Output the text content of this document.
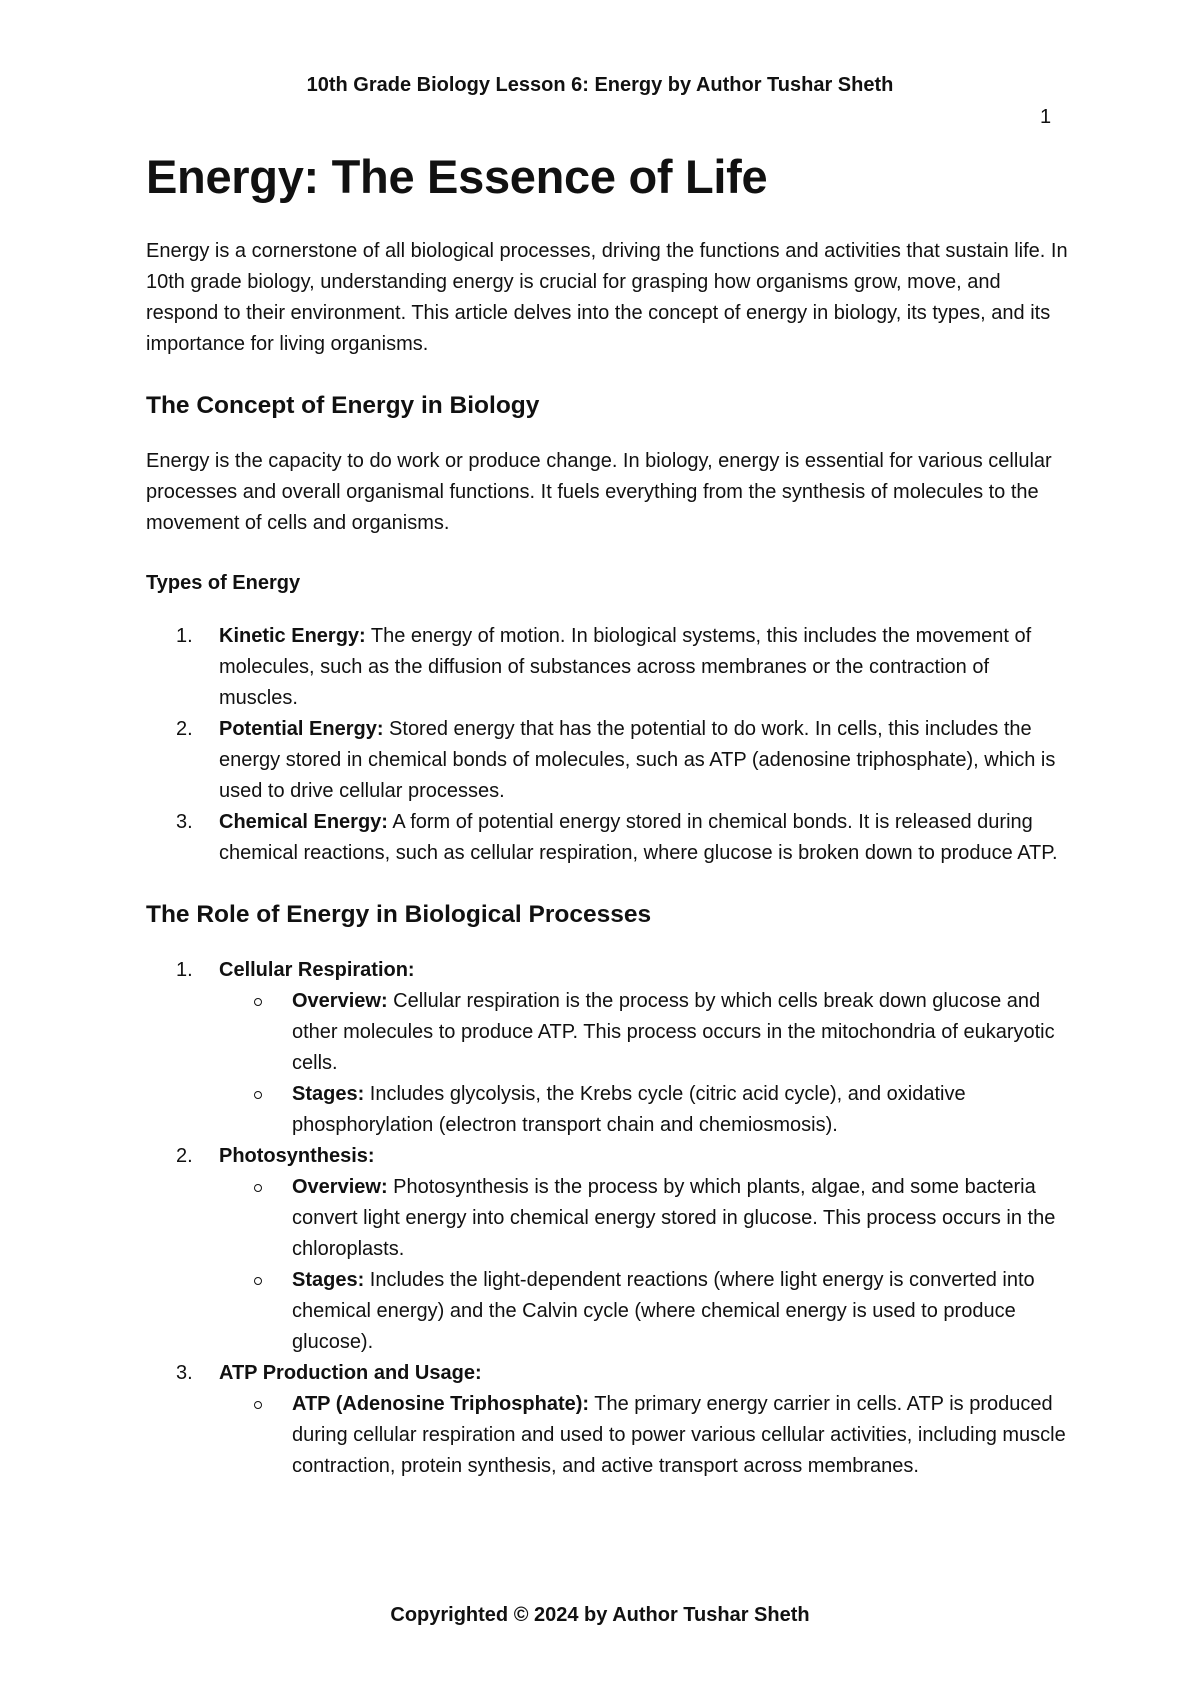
10th Grade Biology Lesson 6: Energy by Author Tushar Sheth
1
Energy: The Essence of Life

Energy is a cornerstone of all biological processes, driving the functions and activities that sustain life. In 10th grade biology, understanding energy is crucial for grasping how organisms grow, move, and respond to their environment. This article delves into the concept of energy in biology, its types, and its importance for living organisms.

The Concept of Energy in Biology

Energy is the capacity to do work or produce change. In biology, energy is essential for various cellular processes and overall organismal functions. It fuels everything from the synthesis of molecules to the movement of cells and organisms.

Types of Energy
1. Kinetic Energy: The energy of motion. In biological systems, this includes the movement of molecules, such as the diffusion of substances across membranes or the contraction of muscles.
2. Potential Energy: Stored energy that has the potential to do work. In cells, this includes the energy stored in chemical bonds of molecules, such as ATP (adenosine triphosphate), which is used to drive cellular processes.
3. Chemical Energy: A form of potential energy stored in chemical bonds. It is released during chemical reactions, such as cellular respiration, where glucose is broken down to produce ATP.
The Role of Energy in Biological Processes
1. Cellular Respiration:
Overview: Cellular respiration is the process by which cells break down glucose and other molecules to produce ATP. This process occurs in the mitochondria of eukaryotic cells.
Stages: Includes glycolysis, the Krebs cycle (citric acid cycle), and oxidative phosphorylation (electron transport chain and chemiosmosis).
2. Photosynthesis:
Overview: Photosynthesis is the process by which plants, algae, and some bacteria convert light energy into chemical energy stored in glucose. This process occurs in the chloroplasts.
Stages: Includes the light-dependent reactions (where light energy is converted into chemical energy) and the Calvin cycle (where chemical energy is used to produce glucose).
3. ATP Production and Usage:
ATP (Adenosine Triphosphate): The primary energy carrier in cells. ATP is produced during cellular respiration and used to power various cellular activities, including muscle contraction, protein synthesis, and active transport across membranes.
Copyrighted © 2024 by Author Tushar Sheth
